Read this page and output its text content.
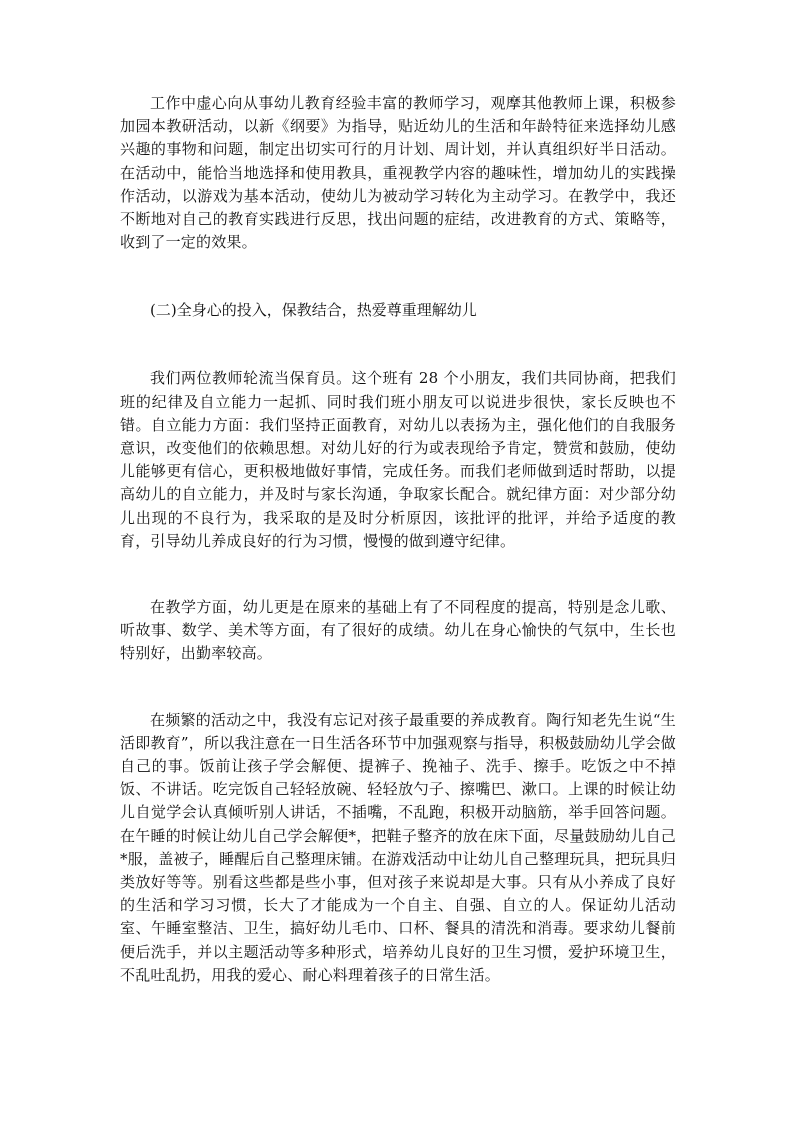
工作中虚心向从事幼儿教育经验丰富的教师学习，观摩其他教师上课，积极参加园本教研活动，以新《纲要》为指导，贴近幼儿的生活和年龄特征来选择幼儿感兴趣的事物和问题，制定出切实可行的月计划、周计划，并认真组织好半日活动。在活动中，能恰当地选择和使用教具，重视教学内容的趣味性，增加幼儿的实践操作活动，以游戏为基本活动，使幼儿为被动学习转化为主动学习。在教学中，我还不断地对自己的教育实践进行反思，找出问题的症结，改进教育的方式、策略等，收到了一定的效果。

(二)全身心的投入，保教结合，热爱尊重理解幼儿

我们两位教师轮流当保育员。这个班有 28 个小朋友，我们共同协商，把我们班的纪律及自立能力一起抓、同时我们班小朋友可以说进步很快，家长反映也不错。自立能力方面：我们坚持正面教育，对幼儿以表扬为主，强化他们的自我服务意识，改变他们的依赖思想。对幼儿好的行为或表现给予肯定，赞赏和鼓励，使幼儿能够更有信心，更积极地做好事情，完成任务。而我们老师做到适时帮助，以提高幼儿的自立能力，并及时与家长沟通，争取家长配合。就纪律方面：对少部分幼儿出现的不良行为，我采取的是及时分析原因，该批评的批评，并给予适度的教育，引导幼儿养成良好的行为习惯，慢慢的做到遵守纪律。

在教学方面，幼儿更是在原来的基础上有了不同程度的提高，特别是念儿歌、听故事、数学、美术等方面，有了很好的成绩。幼儿在身心愉快的气氛中，生长也特别好，出勤率较高。

在频繁的活动之中，我没有忘记对孩子最重要的养成教育。陶行知老先生说“生活即教育”，所以我注意在一日生活各环节中加强观察与指导，积极鼓励幼儿学会做自己的事。饭前让孩子学会解便、提裤子、挽袖子、洗手、擦手。吃饭之中不掉饭、不讲话。吃完饭自己轻轻放碗、轻轻放勺子、擦嘴巴、漱口。上课的时候让幼儿自觉学会认真倾听别人讲话，不插嘴，不乱跑，积极开动脑筋，举手回答问题。在午睡的时候让幼儿自己学会解便*，把鞋子整齐的放在床下面，尽量鼓励幼儿自己*服，盖被子，睡醒后自己整理床铺。在游戏活动中让幼儿自己整理玩具，把玩具归类放好等等。别看这些都是些小事，但对孩子来说却是大事。只有从小养成了良好的生活和学习习惯，长大了才能成为一个自主、自强、自立的人。保证幼儿活动室、午睡室整洁、卫生，搞好幼儿毛巾、口杯、餐具的清洗和消毒。要求幼儿餐前便后洗手，并以主题活动等多种形式，培养幼儿良好的卫生习惯，爱护环境卫生，不乱吐乱扔，用我的爱心、耐心料理着孩子的日常生活。
